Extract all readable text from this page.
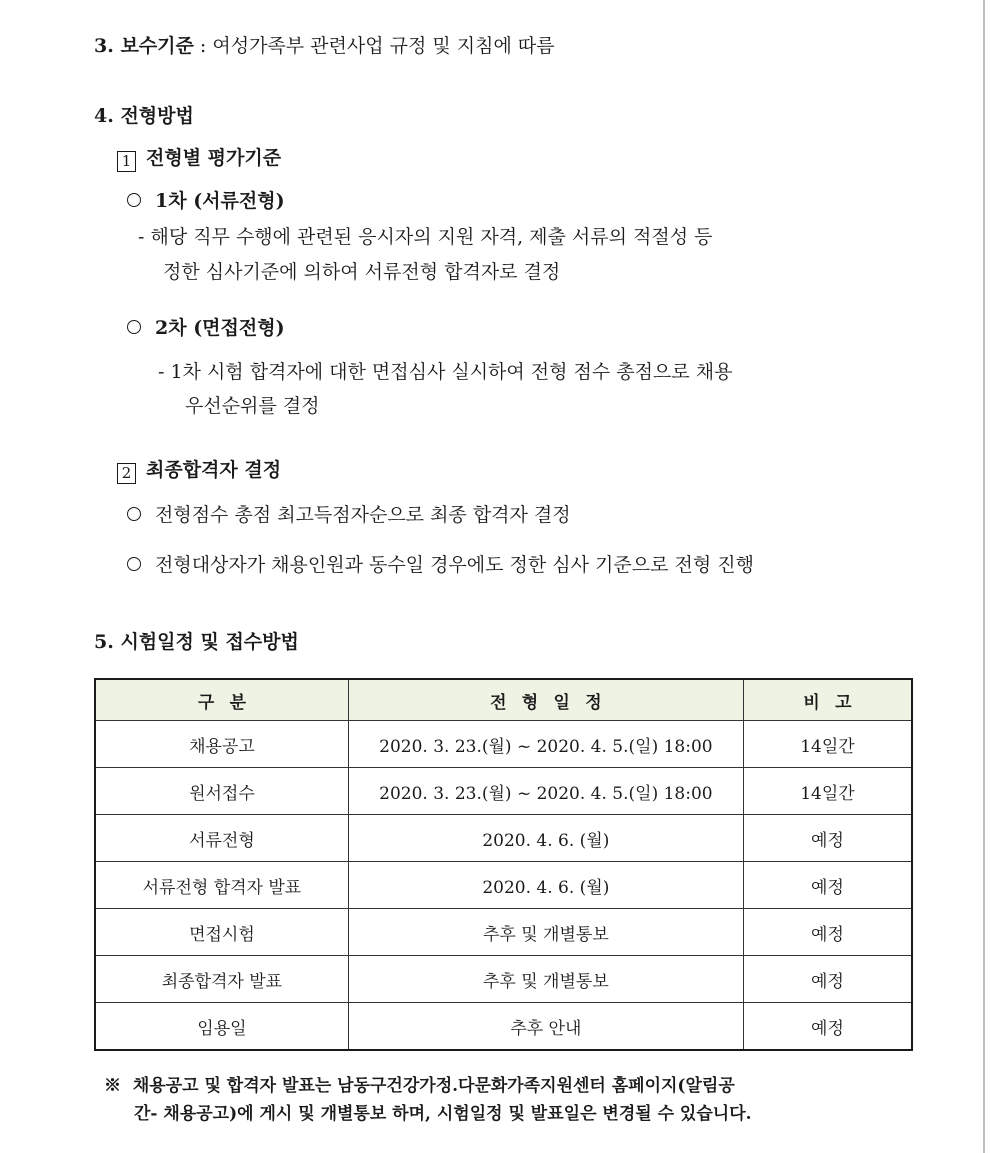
3. 보수기준 : 여성가족부 관련사업 규정 및 지침에 따름
4. 전형방법
1 전형별 평가기준
1차 (서류전형)
- 해당 직무 수행에 관련된 응시자의 지원 자격, 제출 서류의 적절성 등
정한 심사기준에 의하여 서류전형 합격자로 결정
2차 (면접전형)
- 1차 시험 합격자에 대한 면접심사 실시하여 전형 점수 총점으로 채용
우선순위를 결정
2 최종합격자 결정
전형점수 총점 최고득점자순으로 최종 합격자 결정
전형대상자가 채용인원과 동수일 경우에도 정한 심사 기준으로 전형 진행
5. 시험일정 및 접수방법
구분	전형일정	비고
채용공고	2020. 3. 23.(월) ~ 2020. 4. 5.(일) 18:00	14일간
원서접수	2020. 3. 23.(월) ~ 2020. 4. 5.(일) 18:00	14일간
서류전형	2020. 4. 6. (월)	예정
서류전형 합격자 발표	2020. 4. 6. (월)	예정
면접시험	추후 및 개별통보	예정
최종합격자 발표	추후 및 개별통보	예정
임용일	추후 안내	예정
※ 채용공고 및 합격자 발표는 남동구건강가정.다문화가족지원센터 홈페이지(알림공
간- 채용공고)에 게시 및 개별통보 하며, 시험일정 및 발표일은 변경될 수 있습니다.
